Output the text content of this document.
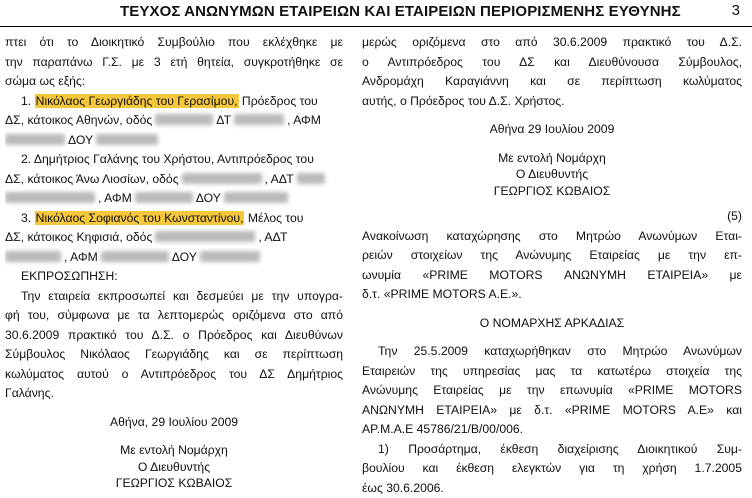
ΤΕΥΧΟΣ ΑΝΩΝΥΜΩΝ ΕΤΑΙΡΕΙΩΝ ΚΑΙ ΕΤΑΙΡΕΙΩΝ ΠΕΡΙΟΡΙΣΜΕΝΗΣ ΕΥΘΥΝΗΣ	3
πτει ότι το Διοικητικό Συμβούλιο που εκλέχθηκε με
την παραπάνω Γ.Σ. με 3 ετή θητεία, συγκροτήθηκε σε
σώμα ως εξής:
1. Νικόλαος Γεωργιάδης του Γερασίμου, Πρόεδρος του
ΔΣ, κάτοικος Αθηνών, οδός	ΔΤ	, ΑΦΜ
ΔΟΥ
2. Δημήτριος Γαλάνης του Χρήστου, Αντιπρόεδρος του
ΔΣ, κάτοικος Άνω Λιοσίων, οδός	, ΑΔΤ
, ΑΦΜ	ΔΟΥ
3. Νικόλαος Σοφιανός του Κωνσταντίνου, Μέλος του
ΔΣ, κάτοικος Κηφισιά, οδός	, ΑΔΤ
, ΑΦΜ	ΔΟΥ
ΕΚΠΡΟΣΩΠΗΣΗ:
Την εταιρεία εκπροσωπεί και δεσμεύει με την υπογρα-
φή του, σύμφωνα με τα λεπτομερώς οριζόμενα στο από
30.6.2009 πρακτικό του Δ.Σ. ο Πρόεδρος και Διευθύνων
Σύμβουλος Νικόλαος Γεωργιάδης και σε περίπτωση
κωλύματος αυτού ο Αντιπρόεδρος του ΔΣ Δημήτριος
Γαλάνης.
Αθήνα, 29 Ιουλίου 2009
Με εντολή Νομάρχη
Ο Διευθυντής
ΓΕΩΡΓΙΟΣ ΚΩΒΑΙΟΣ
μερώς οριζόμενα στο από 30.6.2009 πρακτικό του Δ.Σ.
ο Αντιπρόεδρος του ΔΣ και Διευθύνουσα Σύμβουλος,
Ανδρομάχη Καραγιάννη και σε περίπτωση κωλύματος
αυτής, ο Πρόεδρος του Δ.Σ. Χρήστος.
Αθήνα 29 Ιουλίου 2009
Με εντολή Νομάρχη
Ο Διευθυντής
ΓΕΩΡΓΙΟΣ ΚΩΒΑΙΟΣ
(5)
Ανακοίνωση καταχώρησης στο Μητρώο Ανωνύμων Εται-
ρειών στοιχείων της Ανώνυμης Εταιρείας με την επ-
ωνυμία «PRIME MOTORS ΑΝΩΝΥΜΗ ΕΤΑΙΡΕΙΑ» με
δ.τ. «PRIME MOTORS A.E.».
Ο ΝΟΜΑΡΧΗΣ ΑΡΚΑΔΙΑΣ
Την 25.5.2009 καταχωρήθηκαν στο Μητρώο Ανωνύμων
Εταιρειών της υπηρεσίας μας τα κατωτέρω στοιχεία της
Ανώνυμης Εταιρείας με την επωνυμία «PRIME MOTORS
ΑΝΩΝΥΜΗ ΕΤΑΙΡΕΙΑ» με δ.τ. «PRIME MOTORS A.E» και
ΑΡ.Μ.Α.Ε 45786/21/Β/00/006.
1) Προσάρτημα, έκθεση διαχείρισης Διοικητικού Συμ-
βουλίου και έκθεση ελεγκτών για τη χρήση 1.7.2005
έως 30.6.2006.
